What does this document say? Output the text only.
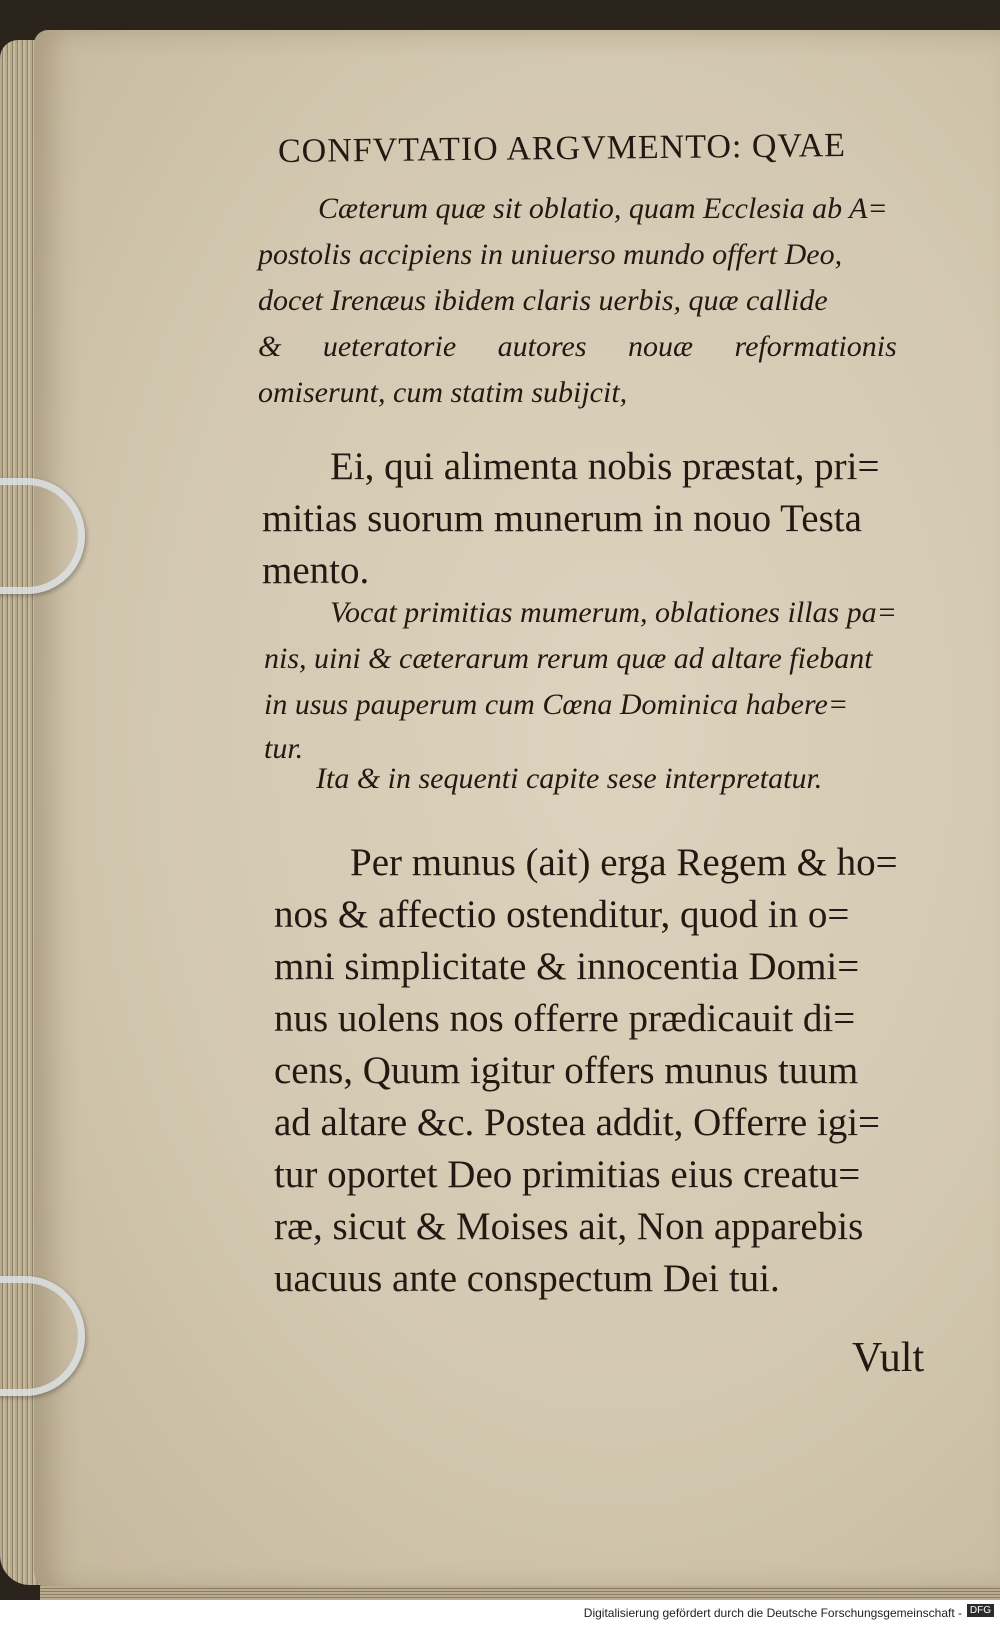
CONFVTATIO ARGVMENTO: QVAE
Cæterum quæ sit oblatio, quam Ecclesia ab A=
postolis accipiens in uniuerso mundo offert Deo,
docet Irenæus ibidem claris uerbis, quæ callide
& ueteratorie autores nouæ reformationis
omiserunt, cum statim subijcit,
Ei, qui alimenta nobis præstat, pri=
mitias suorum munerum in nouo Testa
mento.
Vocat primitias mumerum, oblationes illas pa=
nis, uini & cæterarum rerum quæ ad altare fiebant
in usus pauperum cum Cœna Dominica habere=
tur.
Ita & in sequenti capite sese interpretatur.
Per munus (ait) erga Regem & ho=
nos & affectio ostenditur, quod in o=
mni simplicitate & innocentia Domi=
nus uolens nos offerre prædicauit di=
cens, Quum igitur offers munus tuum
ad altare &c. Postea addit, Offerre igi=
tur oportet Deo primitias eius creatu=
ræ, sicut & Moises ait, Non apparebis
uacuus ante conspectum Dei tui.
Vult
Digitalisierung gefördert durch die Deutsche Forschungsgemeinschaft - DFG
